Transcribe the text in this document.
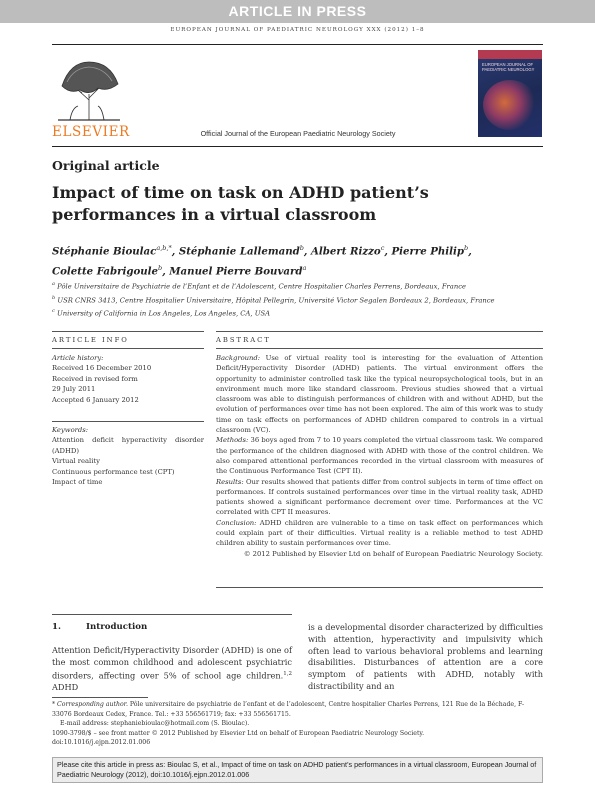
ARTICLE IN PRESS
EUROPEAN JOURNAL OF PAEDIATRIC NEUROLOGY XXX (2012) 1–8
ELSEVIER	Official Journal of the European Paediatric Neurology Society
EUROPEAN JOURNAL OF PAEDIATRIC NEUROLOGY
Original article
Impact of time on task on ADHD patient’s performances in a virtual classroom
Stéphanie Bioulac$^{a,b,*}$, Stéphanie Lallemand$^b$, Albert Rizzo$^c$, Pierre Philip$^b$,
Colette Fabrigoule$^b$, Manuel Pierre Bouvard$^a$
$^a$ Pôle Universitaire de Psychiatrie de l’Enfant et de l’Adolescent, Centre Hospitalier Charles Perrens, Bordeaux, France
$^b$ USR CNRS 3413, Centre Hospitalier Universitaire, Hôpital Pellegrin, Université Victor Segalen Bordeaux 2, Bordeaux, France
$^c$ University of California in Los Angeles, Los Angeles, CA, USA
ARTICLE INFO	ABSTRACT
Article history:
Received 16 December 2010
Received in revised form
29 July 2011
Accepted 6 January 2012
Keywords:
Attention deficit hyperactivity disorder (ADHD)
Virtual reality
Continuous performance test (CPT)
Impact of time

Background: Use of virtual reality tool is interesting for the evaluation of Attention Deficit/Hyperactivity Disorder (ADHD) patients. The virtual environment offers the opportunity to administer controlled task like the typical neuropsychological tools, but in an environment much more like standard classroom. Previous studies showed that a virtual classroom was able to distinguish performances of children with and without ADHD, but the evolution of performances over time has not been explored. The aim of this work was to study time on task effects on performances of ADHD children compared to controls in a virtual classroom (VC).

Methods: 36 boys aged from 7 to 10 years completed the virtual classroom task. We compared the performance of the children diagnosed with ADHD with those of the control children. We also compared attentional performances recorded in the virtual classroom with measures of the Continuous Performance Test (CPT II).

Results: Our results showed that patients differ from control subjects in term of time effect on performances. If controls sustained performances over time in the virtual reality task, ADHD patients showed a significant performance decrement over time. Performances at the VC correlated with CPT II measures.

Conclusion: ADHD children are vulnerable to a time on task effect on performances which could explain part of their difficulties. Virtual reality is a reliable method to test ADHD children ability to sustain performances over time.

© 2012 Published by Elsevier Ltd on behalf of European Paediatric Neurology Society.

1.	Introduction
Attention Deficit/Hyperactivity Disorder (ADHD) is one of the most common childhood and adolescent psychiatric disorders, affecting over 5% of school age children.$^{1,2}$ ADHD
is a developmental disorder characterized by difficulties with attention, hyperactivity and impulsivity which often lead to various behavioral problems and learning disabilities. Disturbances of attention are a core symptom of patients with ADHD, notably with distractibility and an
* Corresponding author. Pôle universitaire de psychiatrie de l’enfant et de l’adolescent, Centre hospitalier Charles Perrens, 121 Rue de la Béchade, F-33076 Bordeaux Cedex, France. Tel.: +33 556561719; fax: +33 556561715.
E-mail address: stephaniebioulac@hotmail.com (S. Bioulac).
1090-3798/$ – see front matter © 2012 Published by Elsevier Ltd on behalf of European Paediatric Neurology Society.
doi:10.1016/j.ejpn.2012.01.006
Please cite this article in press as: Bioulac S, et al., Impact of time on task on ADHD patient’s performances in a virtual classroom, European Journal of Paediatric Neurology (2012), doi:10.1016/j.ejpn.2012.01.006
